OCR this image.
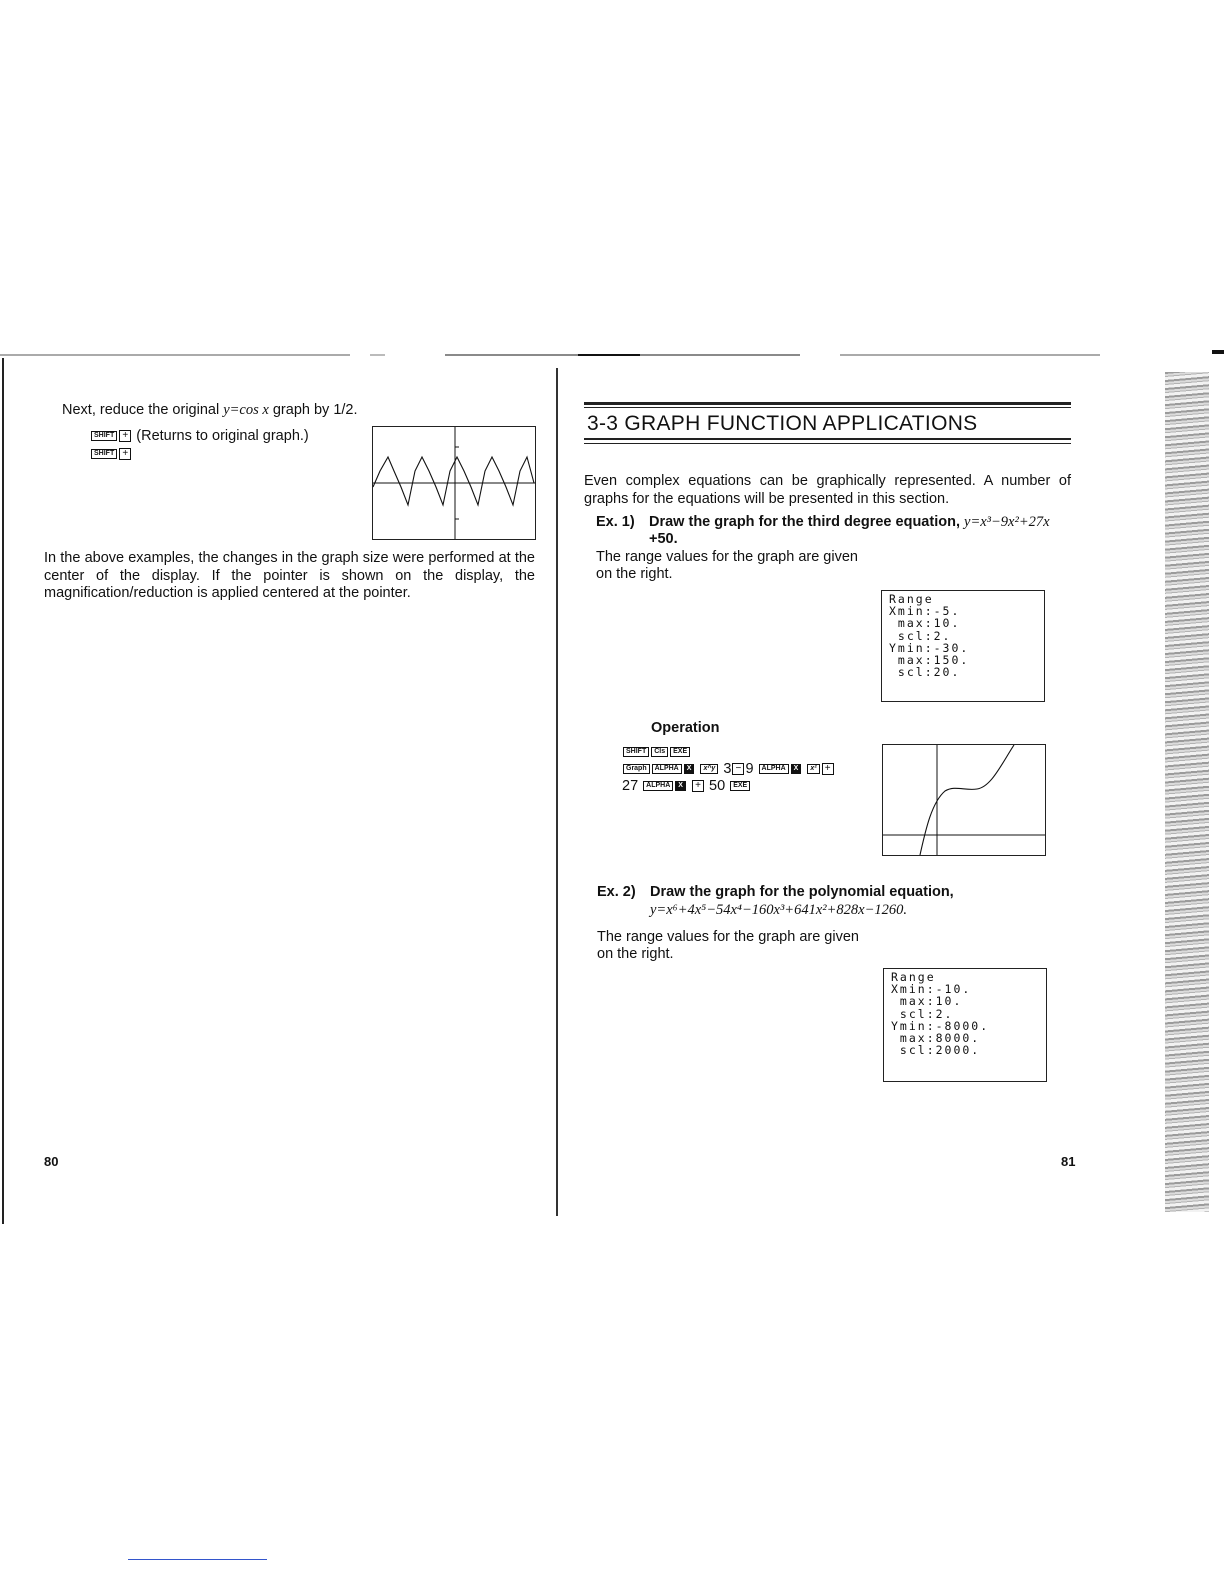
Next, reduce the original y=cos x graph by 1/2.
SHIFT + (Returns to original graph.)
SHIFT +
In the above examples, the changes in the graph size were performed at the center of the display. If the pointer is shown on the display, the magnification/reduction is applied centered at the pointer.
80
3-3 GRAPH FUNCTION APPLICATIONS
Even complex equations can be graphically represented. A number of graphs for the equations will be presented in this section.
Ex. 1) Draw the graph for the third degree equation, y=x³−9x²+27x
+50.
The range values for the graph are given
on the right.
Range
Xmin:-5.
max:10.
scl:2.
Ymin:-30.
max:150.
scl:20.
Operation
SHIFT Cls EXE
Graph ALPHA X x^y 3 − 9 ALPHA X x² +
27 ALPHA X + 50 EXE
Ex. 2) Draw the graph for the polynomial equation,
y=x⁶+4x⁵−54x⁴−160x³+641x²+828x−1260.
The range values for the graph are given
on the right.
Range
Xmin:-10.
max:10.
scl:2.
Ymin:-8000.
max:8000.
scl:2000.
81
